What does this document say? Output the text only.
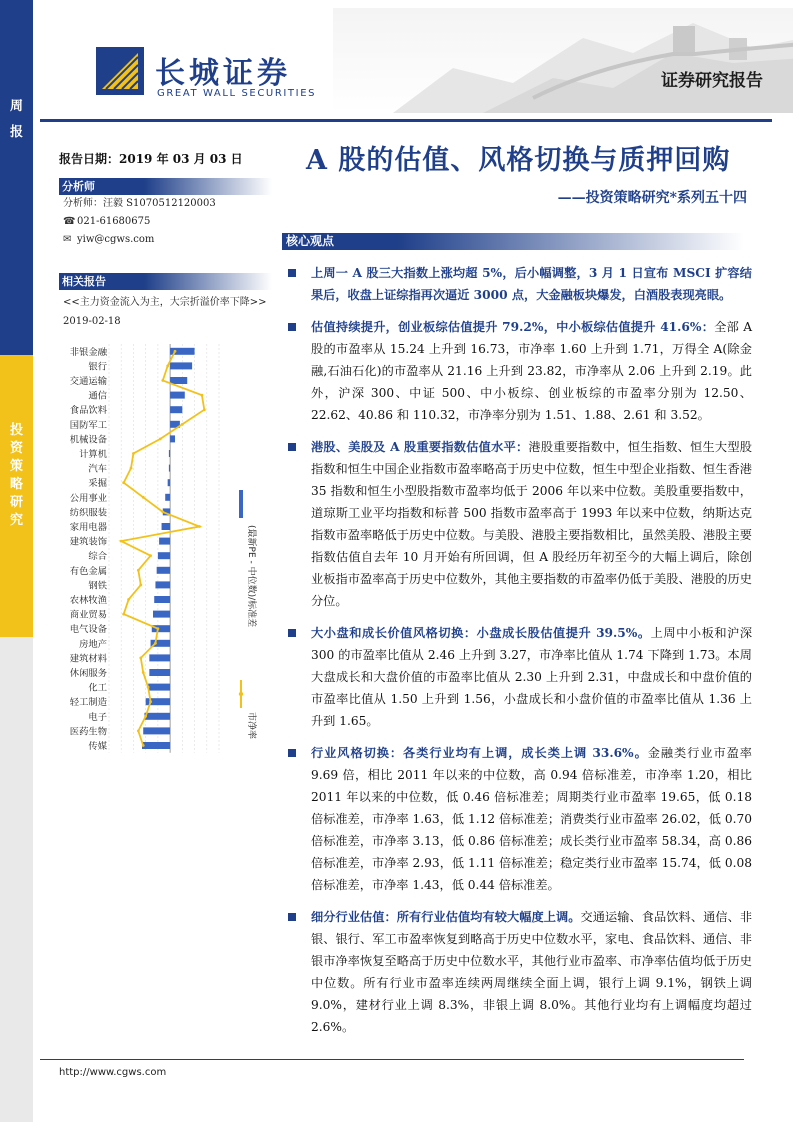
周
报
投
资
策
略
研
究
长城证券
GREAT WALL SECURITIES
证券研究报告
报告日期：2019 年 03 月 03 日 A 股的估值、风格切换与质押回购
——投资策略研究*系列五十四
分析师
分析师：汪毅 S1070512120003
☎ 021-61680675
✉ yiw@cgws.com
相关报告
<<主力资金流入为主，大宗折溢价率下降>>
2019-02-18
非银金融
银行
交通运输
通信
食品饮料
国防军工
机械设备
计算机
汽车
采掘
公用事业
纺织服装
家用电器
建筑装饰
综合
有色金属
钢铁
农林牧渔
商业贸易
电气设备
房地产
建筑材料
休闲服务
化工
轻工制造
电子
医药生物
传媒
(最新PE - 中位数)/标准差
市净率
核心观点
上周一 A 股三大指数上涨均超 5%，后小幅调整，3 月 1 日宣布 MSCI 扩容结果后，收盘上证综指再次逼近 3000 点，大金融板块爆发，白酒股表现亮眼。
估值持续提升，创业板综估值提升 79.2%，中小板综估值提升 41.6%：全部 A 股的市盈率从 15.24 上升到 16.73，市净率 1.60 上升到 1.71，万得全 A(除金融,石油石化)的市盈率从 21.16 上升到 23.82，市净率从 2.06 上升到 2.19。此外，沪深 300、中证 500、中小板综、创业板综的市盈率分别为 12.50、22.62、40.86 和 110.32，市净率分别为 1.51、1.88、2.61 和 3.52。
港股、美股及 A 股重要指数估值水平：港股重要指数中，恒生指数、恒生大型股指数和恒生中国企业指数市盈率略高于历史中位数，恒生中型企业指数、恒生香港 35 指数和恒生小型股指数市盈率均低于 2006 年以来中位数。美股重要指数中，道琼斯工业平均指数和标普 500 指数市盈率高于 1993 年以来中位数，纳斯达克指数市盈率略低于历史中位数。与美股、港股主要指数相比，虽然美股、港股主要指数估值自去年 10 月开始有所回调，但 A 股经历年初至今的大幅上调后，除创业板指市盈率高于历史中位数外，其他主要指数的市盈率仍低于美股、港股的历史分位。
大小盘和成长价值风格切换：小盘成长股估值提升 39.5%。上周中小板和沪深 300 的市盈率比值从 2.46 上升到 3.27，市净率比值从 1.74 下降到 1.73。本周大盘成长和大盘价值的市盈率比值从 2.30 上升到 2.31，中盘成长和中盘价值的市盈率比值从 1.50 上升到 1.56，小盘成长和小盘价值的市盈率比值从 1.36 上升到 1.65。
行业风格切换：各类行业均有上调，成长类上调 33.6%。金融类行业市盈率 9.69 倍，相比 2011 年以来的中位数，高 0.94 倍标准差，市净率 1.20，相比 2011 年以来的中位数，低 0.46 倍标准差；周期类行业市盈率 19.65，低 0.18 倍标准差，市净率 1.63，低 1.12 倍标准差；消费类行业市盈率 26.02，低 0.70 倍标准差，市净率 3.13，低 0.86 倍标准差；成长类行业市盈率 58.34，高 0.86 倍标准差，市净率 2.93，低 1.11 倍标准差；稳定类行业市盈率 15.74，低 0.08 倍标准差，市净率 1.43，低 0.44 倍标准差。
细分行业估值：所有行业估值均有较大幅度上调。交通运输、食品饮料、通信、非银、银行、军工市盈率恢复到略高于历史中位数水平，家电、食品饮料、通信、非银市净率恢复至略高于历史中位数水平，其他行业市盈率、市净率估值均低于历史中位数。所有行业市盈率连续两周继续全面上调，银行上调 9.1%，钢铁上调 9.0%，建材行业上调 8.3%，非银上调 8.0%。其他行业均有上调幅度均超过 2.6%。
http://www.cgws.com
